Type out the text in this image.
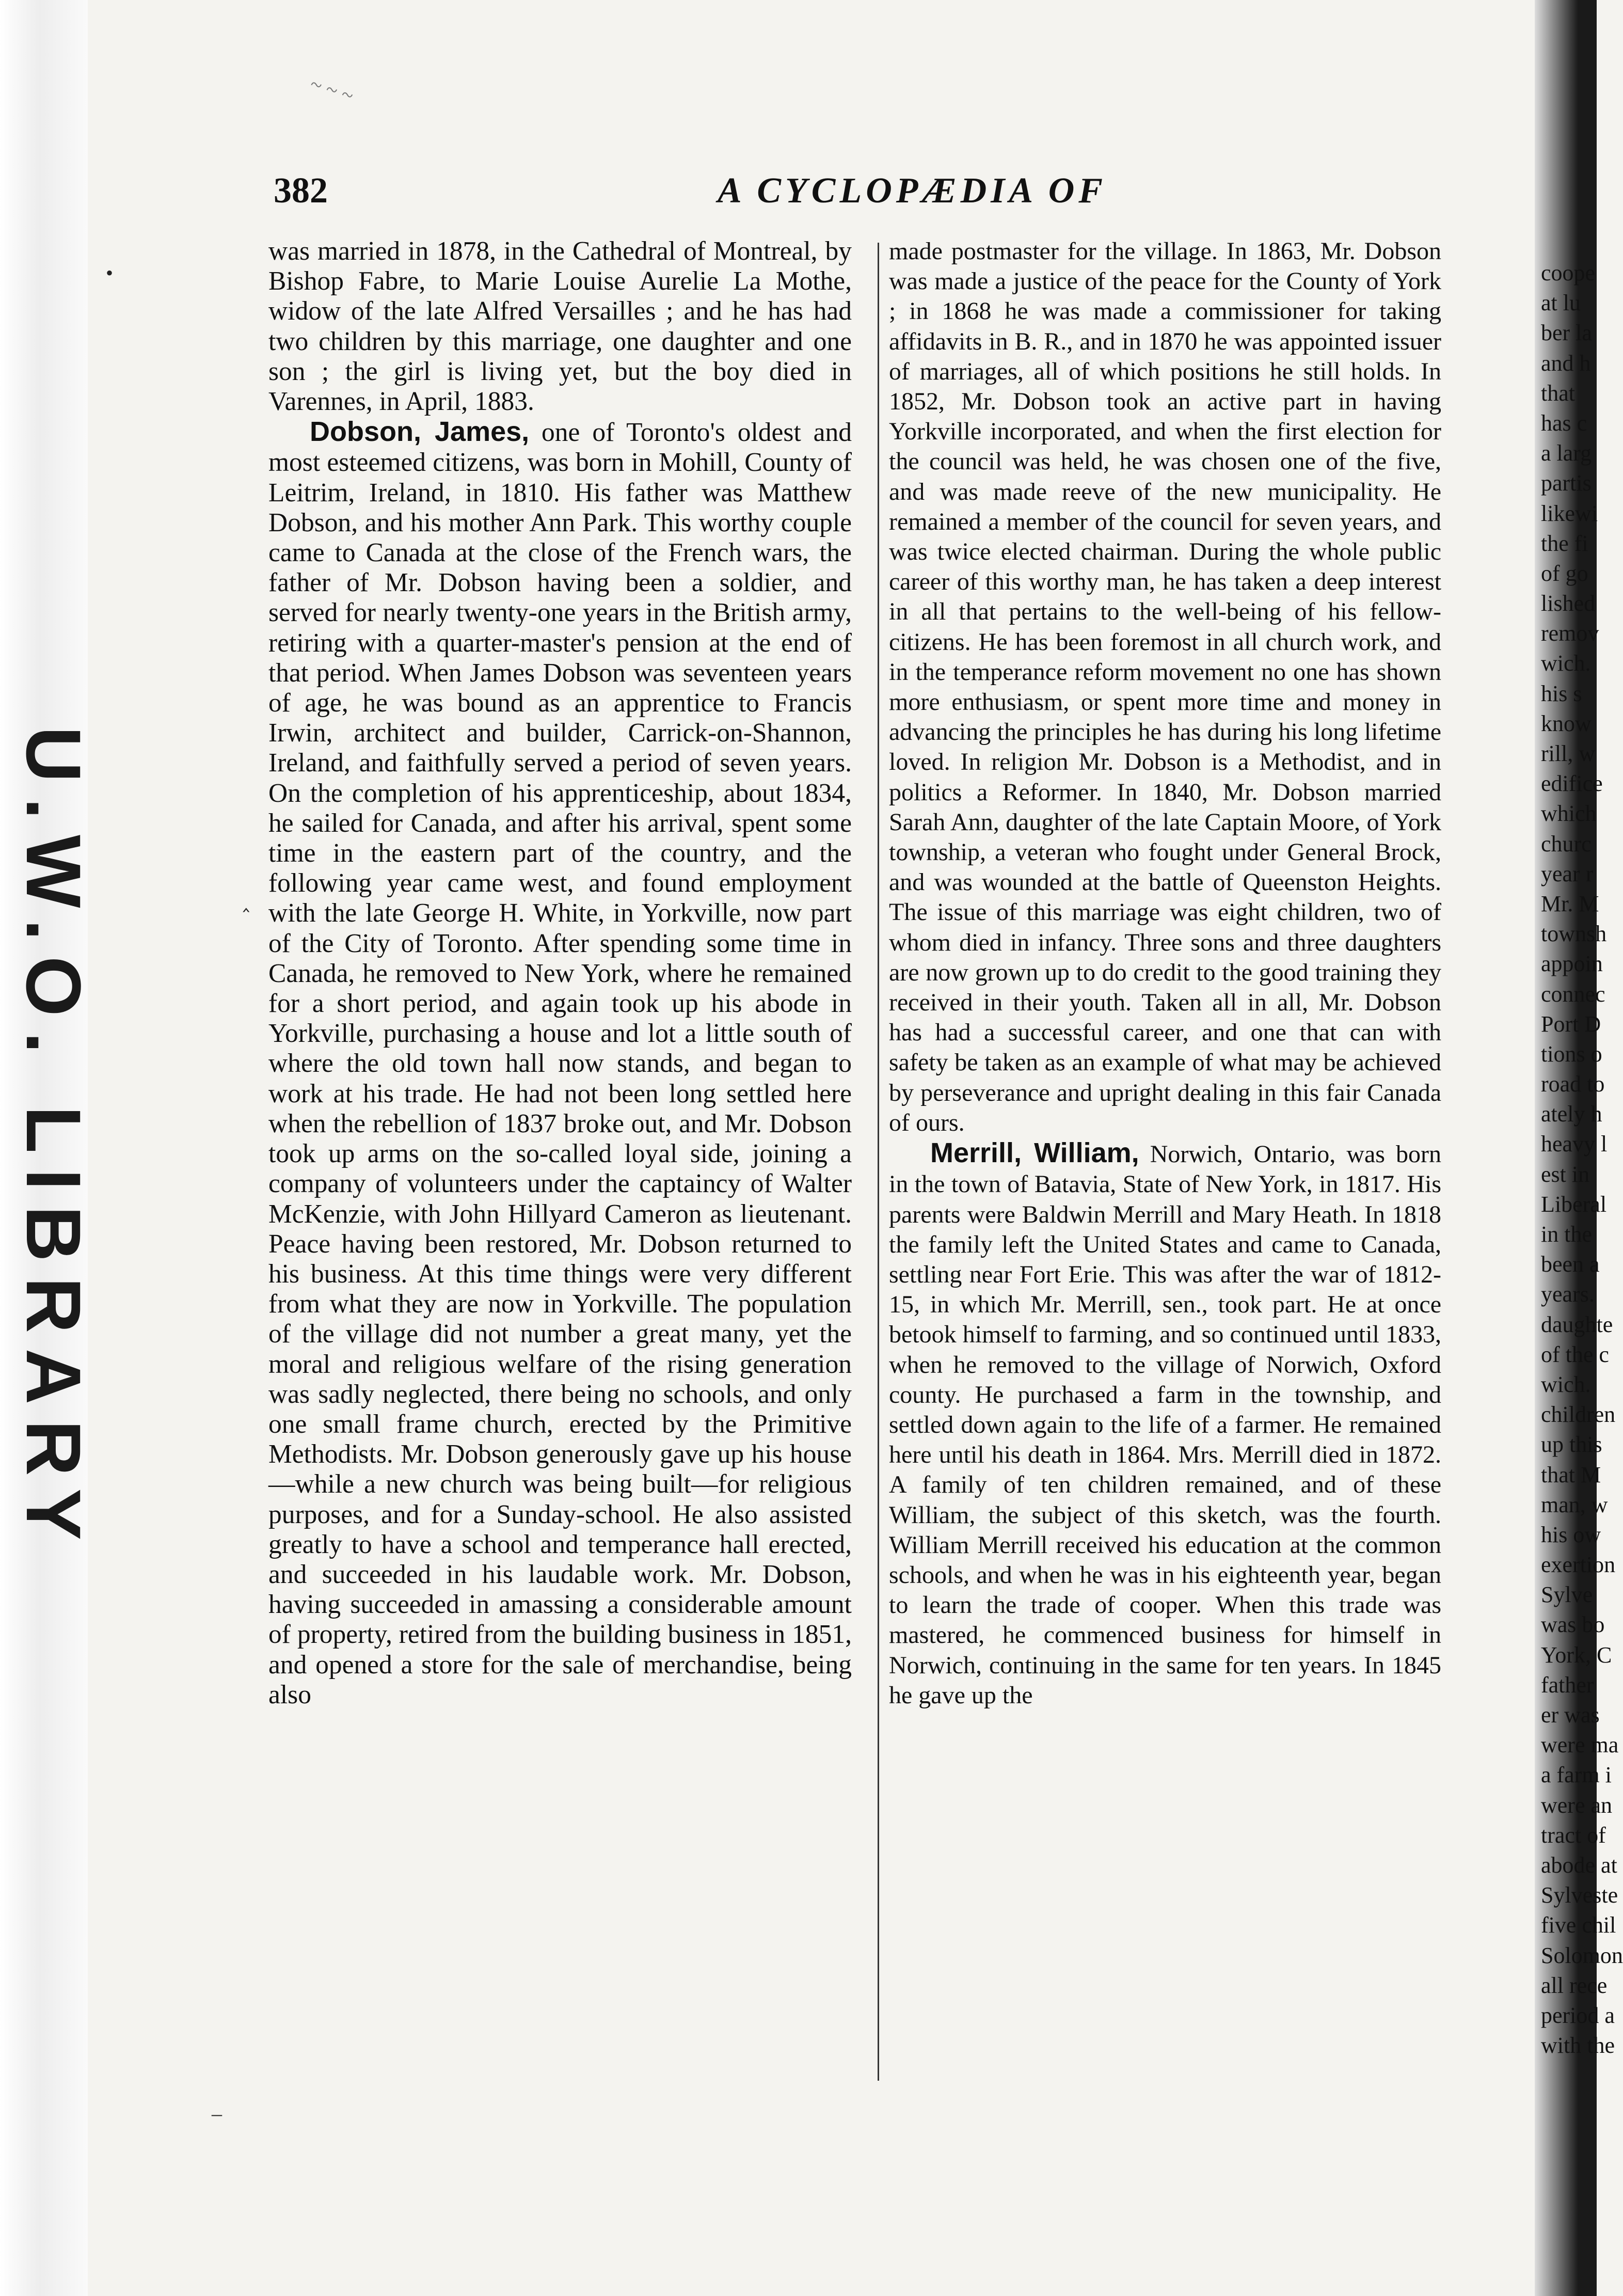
U.W.O. LIBRARY
~ ~ ~
382	A CYCLOPÆDIA OF

was married in 1878, in the Cathedral of Montreal, by Bishop Fabre, to Marie Louise Aurelie La Mothe, widow of the late Alfred Versailles ; and he has had two children by this marriage, one daughter and one son ; the girl is living yet, but the boy died in Varennes, in April, 1883.

Dobson, James, one of Toronto's oldest and most esteemed citizens, was born in Mohill, County of Leitrim, Ireland, in 1810. His father was Matthew Dobson, and his mother Ann Park. This worthy couple came to Canada at the close of the French wars, the father of Mr. Dobson having been a soldier, and served for nearly twenty-one years in the British army, retiring with a quarter-master's pension at the end of that period. When James Dobson was seventeen years of age, he was bound as an apprentice to Francis Irwin, architect and builder, Carrick-on-Shannon, Ireland, and faithfully served a period of seven years. On the completion of his apprenticeship, about 1834, he sailed for Canada, and after his arrival, spent some time in the eastern part of the country, and the following year came west, and found employment with the late George H. White, in Yorkville, now part of the City of Toronto. After spending some time in Canada, he removed to New York, where he remained for a short period, and again took up his abode in Yorkville, purchasing a house and lot a little south of where the old town hall now stands, and began to work at his trade. He had not been long settled here when the rebellion of 1837 broke out, and Mr. Dobson took up arms on the so-called loyal side, joining a company of volunteers under the captaincy of Walter McKenzie, with John Hillyard Cameron as lieutenant. Peace having been restored, Mr. Dobson returned to his business. At this time things were very different from what they are now in Yorkville. The population of the village did not number a great many, yet the moral and religious welfare of the rising generation was sadly neglected, there being no schools, and only one small frame church, erected by the Primitive Methodists. Mr. Dobson generously gave up his house—while a new church was being built—for religious purposes, and for a Sunday-school. He also assisted greatly to have a school and temperance hall erected, and succeeded in his laudable work. Mr. Dobson, having succeeded in amassing a considerable amount of property, retired from the building business in 1851, and opened a store for the sale of merchandise, being also

made postmaster for the village. In 1863, Mr. Dobson was made a justice of the peace for the County of York ; in 1868 he was made a commissioner for taking affidavits in B. R., and in 1870 he was appointed issuer of marriages, all of which positions he still holds. In 1852, Mr. Dobson took an active part in having Yorkville incorporated, and when the first election for the council was held, he was chosen one of the five, and was made reeve of the new municipality. He remained a member of the council for seven years, and was twice elected chairman. During the whole public career of this worthy man, he has taken a deep interest in all that pertains to the well-being of his fellow-citizens. He has been foremost in all church work, and in the temperance reform movement no one has shown more enthusiasm, or spent more time and money in advancing the principles he has during his long lifetime loved. In religion Mr. Dobson is a Methodist, and in politics a Reformer. In 1840, Mr. Dobson married Sarah Ann, daughter of the late Captain Moore, of York township, a veteran who fought under General Brock, and was wounded at the battle of Queenston Heights. The issue of this marriage was eight children, two of whom died in infancy. Three sons and three daughters are now grown up to do credit to the good training they received in their youth. Taken all in all, Mr. Dobson has had a successful career, and one that can with safety be taken as an example of what may be achieved by perseverance and upright dealing in this fair Canada of ours.

Merrill, William, Norwich, Ontario, was born in the town of Batavia, State of New York, in 1817. His parents were Baldwin Merrill and Mary Heath. In 1818 the family left the United States and came to Canada, settling near Fort Erie. This was after the war of 1812-15, in which Mr. Merrill, sen., took part. He at once betook himself to farming, and so continued until 1833, when he removed to the village of Norwich, Oxford county. He purchased a farm in the township, and settled down again to the life of a farmer. He remained here until his death in 1864. Mrs. Merrill died in 1872. A family of ten children remained, and of these William, the subject of this sketch, was the fourth. William Merrill received his education at the common schools, and when he was in his eighteenth year, began to learn the trade of cooper. When this trade was mastered, he commenced business for himself in Norwich, continuing in the same for ten years. In 1845 he gave up the

coope
at lu
ber la
and h
that
has c
a larg
partis
likewi
the fi
of go
lished
remov
wich.
his s
know
rill, w
edifice
which
churc
year r
Mr. M
townsh
appoin
connec
Port D
tions o
road to
ately h
heavy l
est in
Liberal
in the
been a
years.
daughte
of the c
wich.
children
up this
that M
man, w
his ow
exertion
Sylve
was bo
York, C
father
er was
were ma
a farm i
were an
tract of
abode at
Sylveste
five chil
Solomon
all rece
period a
with the
•
‸
–
